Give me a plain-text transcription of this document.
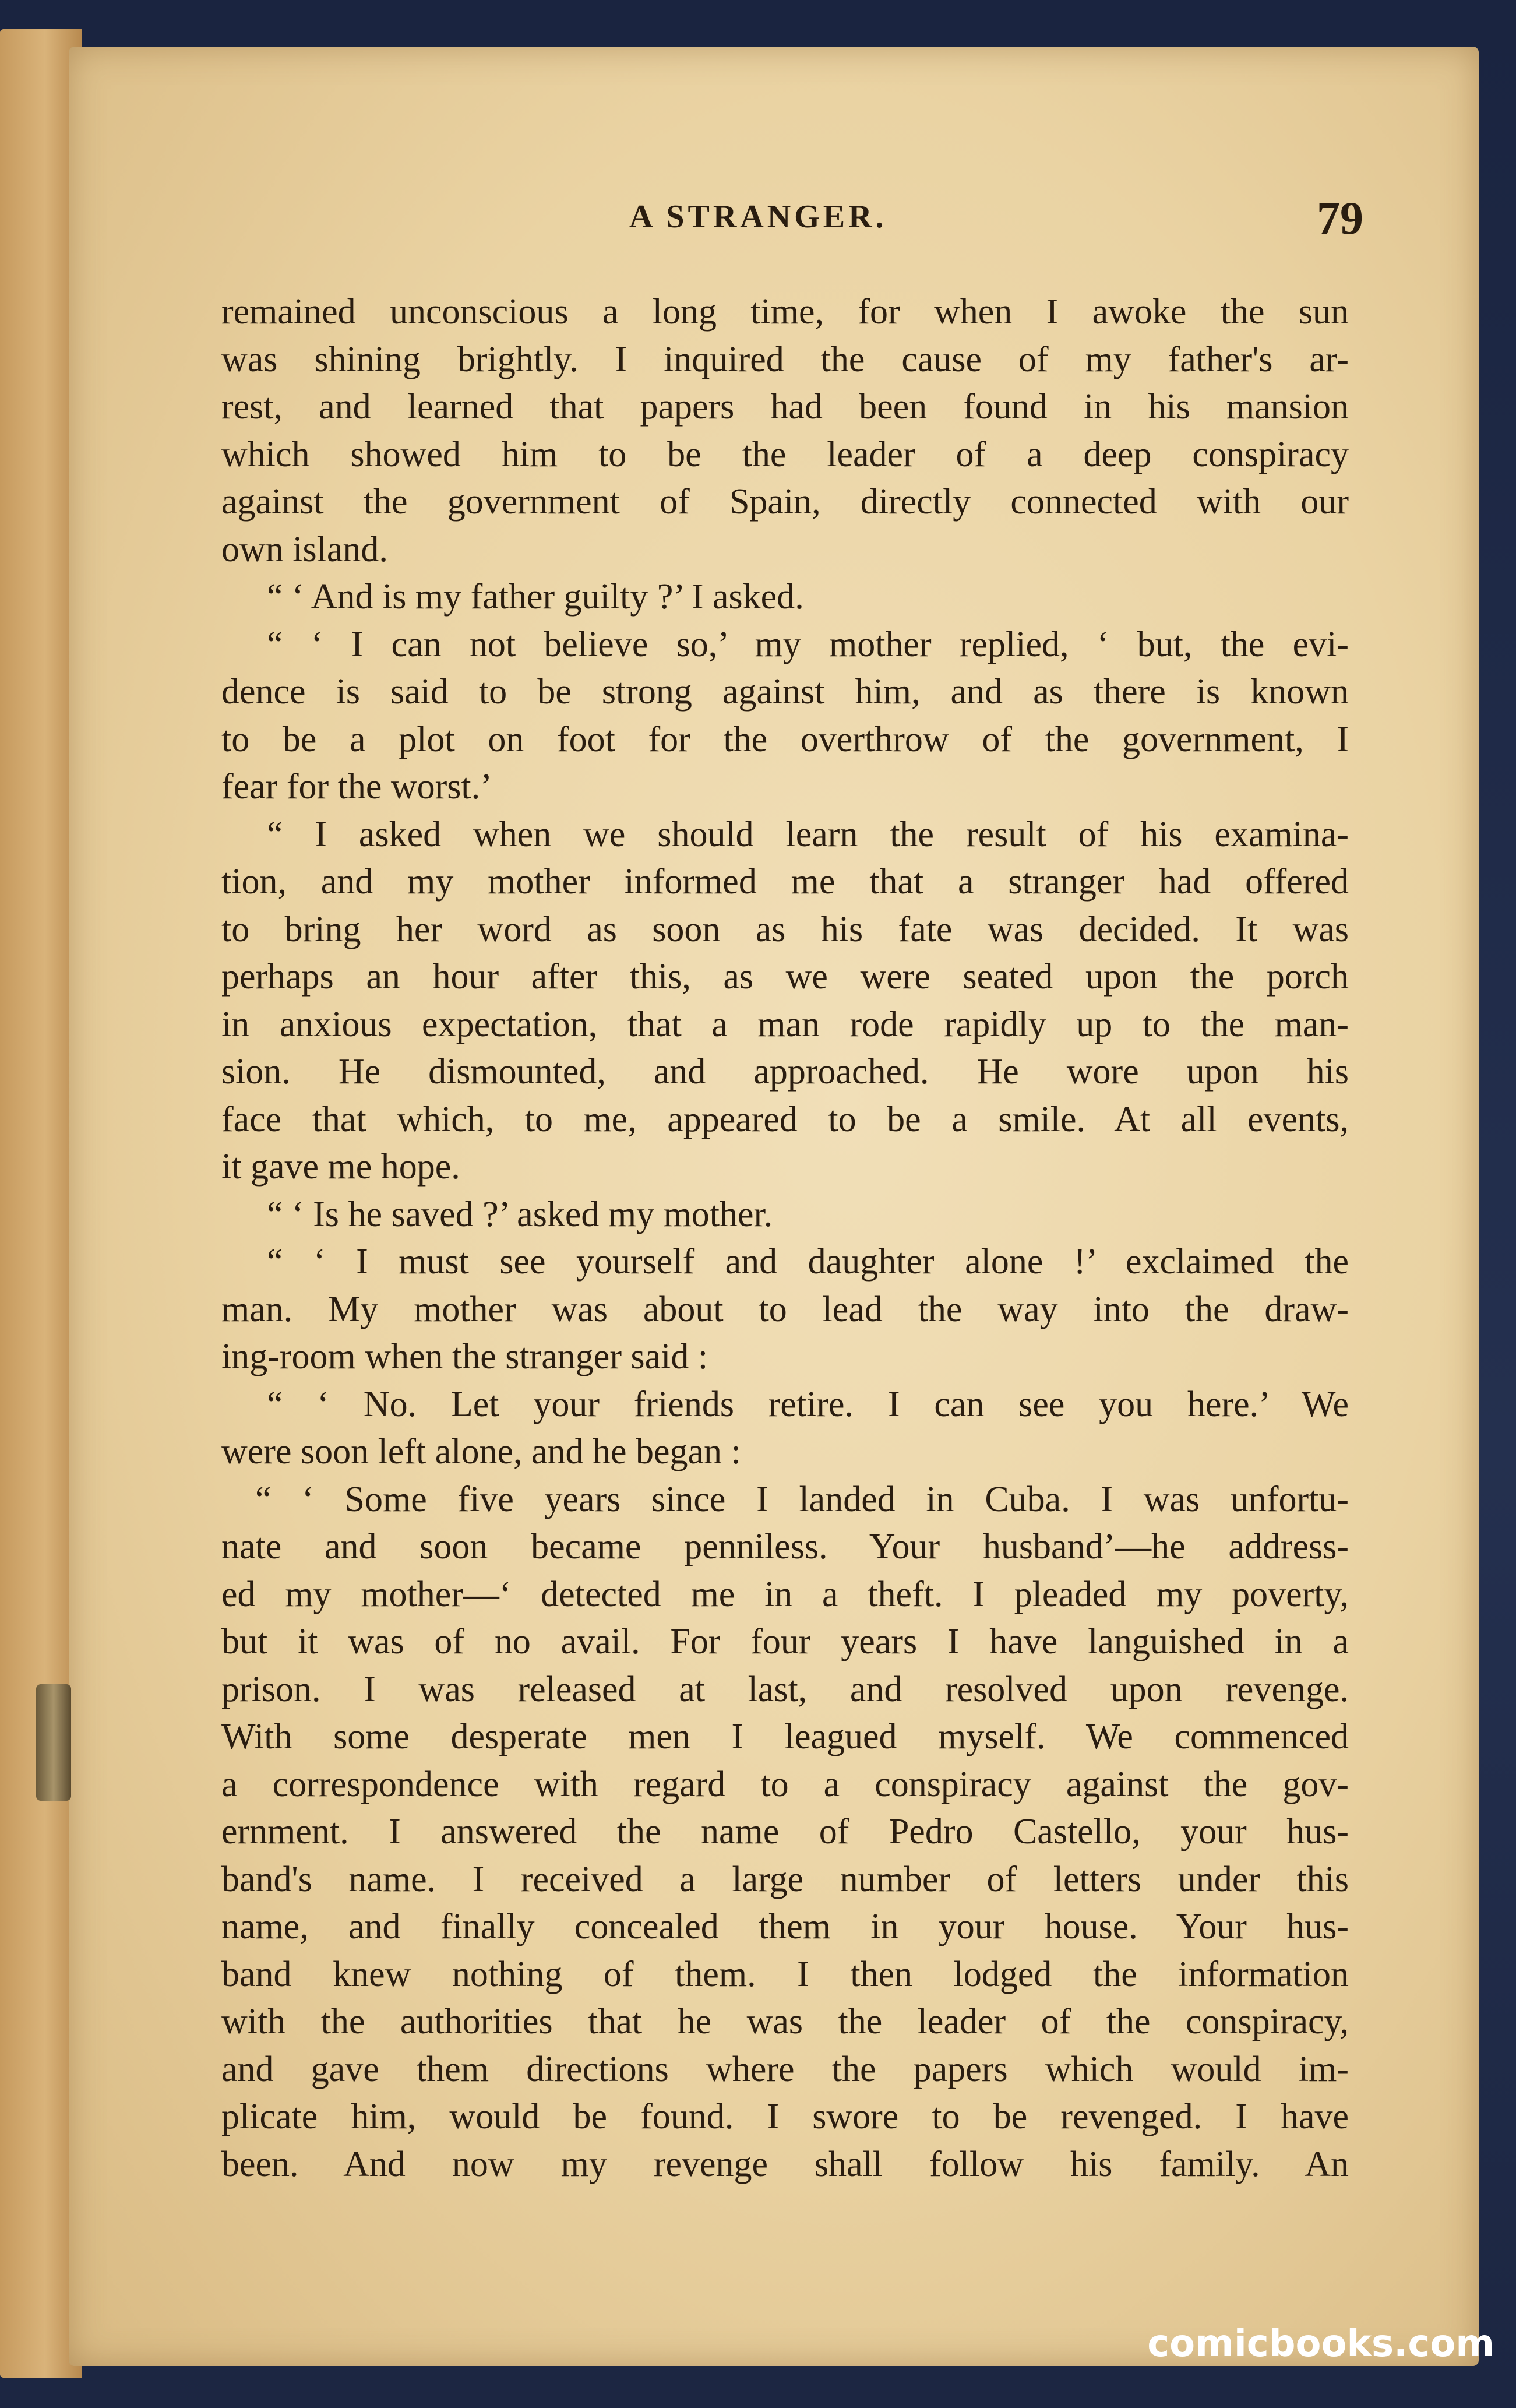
A STRANGER.	79
remained unconscious a long time, for when I awoke the sun
was shining brightly. I inquired the cause of my father's ar-
rest, and learned that papers had been found in his mansion
which showed him to be the leader of a deep conspiracy
against the government of Spain, directly connected with our
own island.
“ ‘ And is my father guilty ?’ I asked.
“ ‘ I can not believe so,’ my mother replied, ‘ but, the evi-
dence is said to be strong against him, and as there is known
to be a plot on foot for the overthrow of the government, I
fear for the worst.’
“ I asked when we should learn the result of his examina-
tion, and my mother informed me that a stranger had offered
to bring her word as soon as his fate was decided. It was
perhaps an hour after this, as we were seated upon the porch
in anxious expectation, that a man rode rapidly up to the man-
sion. He dismounted, and approached. He wore upon his
face that which, to me, appeared to be a smile. At all events,
it gave me hope.
“ ‘ Is he saved ?’ asked my mother.
“ ‘ I must see yourself and daughter alone !’ exclaimed the
man. My mother was about to lead the way into the draw-
ing-room when the stranger said :
“ ‘ No. Let your friends retire. I can see you here.’ We
were soon left alone, and he began :
“ ‘ Some five years since I landed in Cuba. I was unfortu-
nate and soon became penniless. Your husband’—he address-
ed my mother—‘ detected me in a theft. I pleaded my poverty,
but it was of no avail. For four years I have languished in a
prison. I was released at last, and resolved upon revenge.
With some desperate men I leagued myself. We commenced
a correspondence with regard to a conspiracy against the gov-
ernment. I answered the name of Pedro Castello, your hus-
band's name. I received a large number of letters under this
name, and finally concealed them in your house. Your hus-
band knew nothing of them. I then lodged the information
with the authorities that he was the leader of the conspiracy,
and gave them directions where the papers which would im-
plicate him, would be found. I swore to be revenged. I have
been. And now my revenge shall follow his family. An
comicbooks.com
